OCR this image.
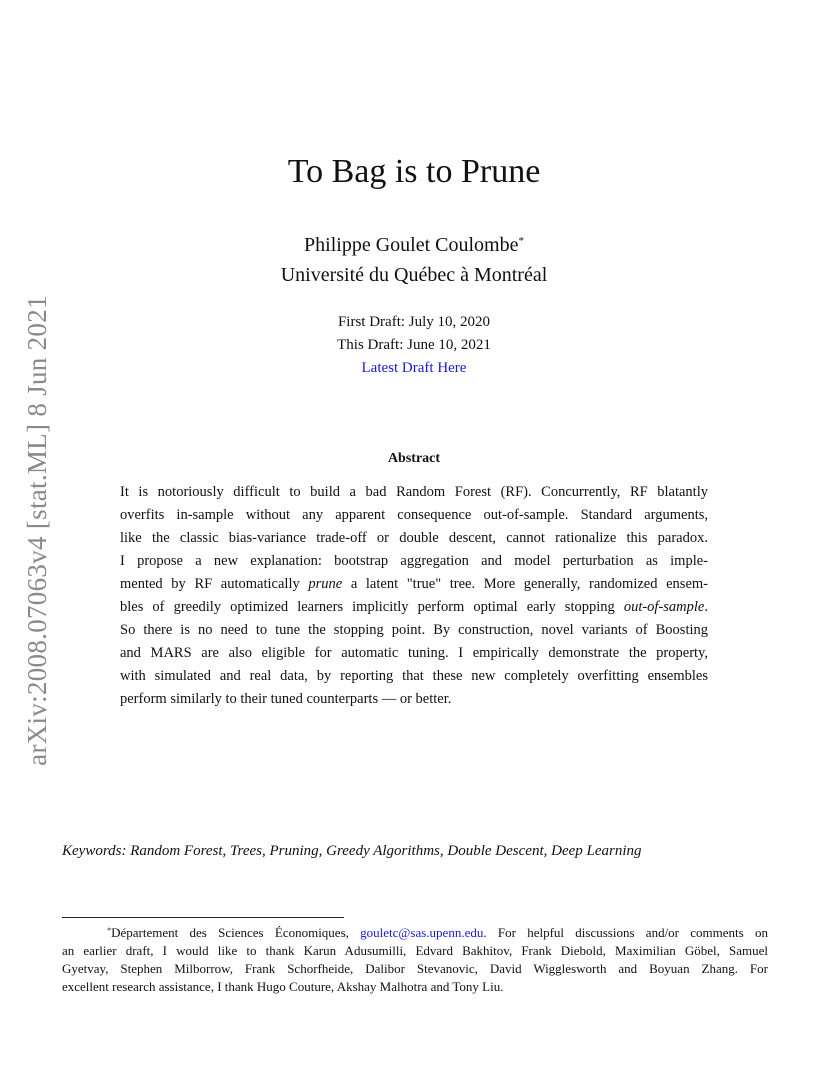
arXiv:2008.07063v4 [stat.ML] 8 Jun 2021
To Bag is to Prune
Philippe Goulet Coulombe*
Université du Québec à Montréal
First Draft: July 10, 2020
This Draft: June 10, 2021
Latest Draft Here
Abstract
It is notoriously difficult to build a bad Random Forest (RF). Concurrently, RF blatantly
overfits in-sample without any apparent consequence out-of-sample. Standard arguments,
like the classic bias-variance trade-off or double descent, cannot rationalize this paradox.
I propose a new explanation: bootstrap aggregation and model perturbation as imple-
mented by RF automatically prune a latent "true" tree. More generally, randomized ensem-
bles of greedily optimized learners implicitly perform optimal early stopping out-of-sample.
So there is no need to tune the stopping point. By construction, novel variants of Boosting
and MARS are also eligible for automatic tuning. I empirically demonstrate the property,
with simulated and real data, by reporting that these new completely overfitting ensembles
perform similarly to their tuned counterparts — or better.
Keywords: Random Forest, Trees, Pruning, Greedy Algorithms, Double Descent, Deep Learning
*Département des Sciences Économiques, gouletc@sas.upenn.edu. For helpful discussions and/or comments on
an earlier draft, I would like to thank Karun Adusumilli, Edvard Bakhitov, Frank Diebold, Maximilian Göbel, Samuel
Gyetvay, Stephen Milborrow, Frank Schorfheide, Dalibor Stevanovic, David Wigglesworth and Boyuan Zhang. For
excellent research assistance, I thank Hugo Couture, Akshay Malhotra and Tony Liu.
